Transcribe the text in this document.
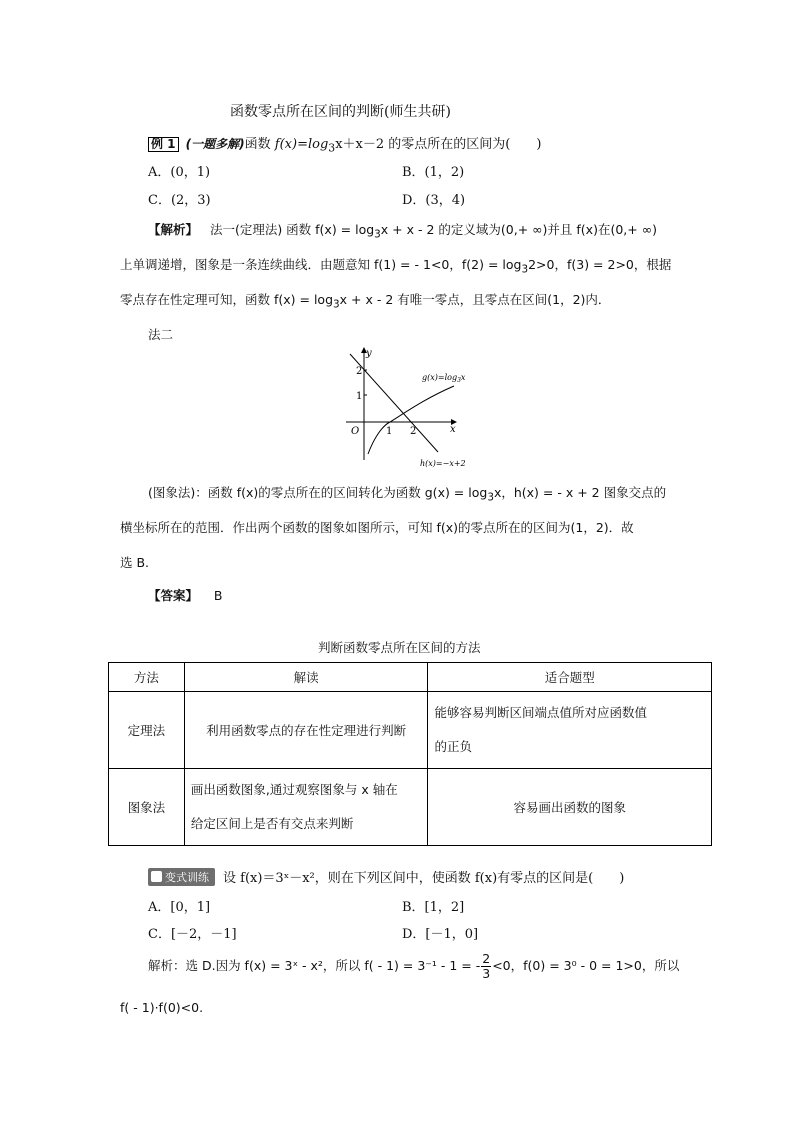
函数零点所在区间的判断(师生共研)
例 1 (一题多解)函数 $f(x)=\log_3x+x-2$ 的零点所在的区间为(　　)
A．(0，1)	B．(1，2)
C．(2，3)	D．(3，4)
【解析】 法一(定理法) 函数 $f(x) = \log_3x + x - 2$ 的定义域为(0,+ ∞)并且 f(x)在(0,+ ∞)
上单调递增，图象是一条连续曲线．由题意知 f(1) = - 1<0，$f(2) = \log_32>0$，f(3) = 2>0，根据
零点存在性定理可知，函数 $f(x) = \log_3x + x - 2$ 有唯一零点，且零点在区间(1，2)内．
法二
y
x
O
2
1
1 2
$g(x)=\log_3x$
h(x)=−x+2
(图象法)：函数 f(x)的零点所在的区间转化为函数 $g(x) = \log_3x$，h(x) = - x + 2 图象交点的
横坐标所在的范围．作出两个函数的图象如图所示，可知 f(x)的零点所在的区间为(1，2)．故
选 B.
【答案】 B
判断函数零点所在区间的方法
方法	解读	适合题型
定理法	利用函数零点的存在性定理进行判断	能够容易判断区间端点值所对应函数值
的正负
图象法	画出函数图象,通过观察图象与 x 轴在
给定区间上是否有交点来判断	容易画出函数的图象
变式训练 设 f(x)＝3ˣ－x²，则在下列区间中，使函数 f(x)有零点的区间是(　　)
A．[0，1]	B．[1，2]
C．[－2，－1]	D．[－1，0]
解析：选 D.因为 f(x) = 3ˣ - x²，所以 f( - 1) = 3⁻¹ - 1 = - $\frac{2}{3} <0$，f(0) = 3⁰ - 0 = 1>0，所以
f( - 1)·f(0)<0.
